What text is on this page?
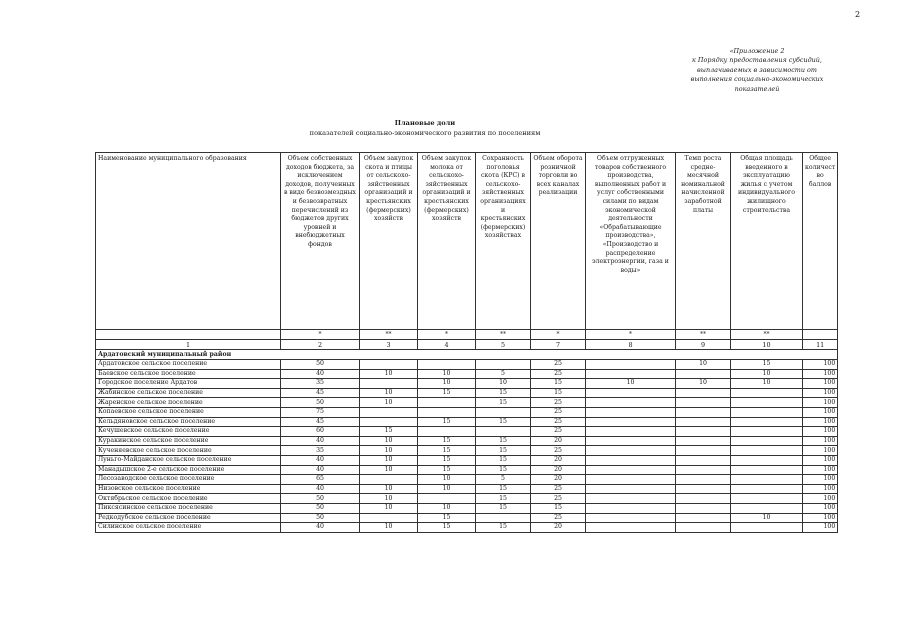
2
«Приложение 2
к Порядку предоставления субсидий,
выплачиваемых в зависимости от
выполнения социально-экономических
показателей
Плановые доли
показателей социально-экономического развития по поселениям
Наименование муниципального образования	Объем собственных доходов бюджета, за исключением доходов, полученных в виде безвозмездных и безвозвратных перечислений из бюджетов других уровней и внебюджетных фондов	Объем закупок скота и птицы от сельскохо-зяйственных организаций и крестьянских (фермерских) хозяйств	Объем закупок молока от сельскохо-зяйственных организаций и крестьянских (фермерских) хозяйств	Сохранность поголовья скота (КРС) в сельскохо-зяйственных организациях и крестьянских (фермерских) хозяйствах	Объем оборота розничной торговли во всех каналах реализации	Объем отгруженных товаров собственного производства, выполненных работ и услуг собственными силами по видам экономической деятельности «Обрабатывающие производства», «Производство и распределение электроэнергии, газа и воды»	Темп роста средне-месячной номинальной начисленной заработной платы	Общая площадь введенного в эксплуатацию жилья с учетом индивидуального жилищного строительства	Общее количест во баллов
	*	**	*	**	*	*	**	**	
1	2	3	4	5	7	8	9	10	11
Ардатовский муниципальный район									
Ардатовское сельское поселение	50				25		10	15	100
Баевское сельское поселение	40	10	10	5	25			10	100
Городское поселение Ардатов	35		10	10	15	10	10	10	100
Жабинское сельское поселение	45	10	15	15	15				100
Жаренское сельское поселение	50	10		15	25				100
Копаевское сельское поселение	75				25				100
Кельдяновское сельское поселение	45		15	15	25				100
Кечушевское сельское поселение	60	15			25				100
Куракинское сельское поселение	40	10	15	15	20				100
Кученяевское сельское поселение	35	10	15	15	25				100
Луньго-Майданское сельское поселение	40	10	15	15	20				100
Манадышское 2-е сельское поселение	40	10	15	15	20				100
Лесозаводское сельское поселение	65		10	5	20				100
Низовское сельское поселение	40	10	10	15	25				100
Октябрьское сельское поселение	50	10		15	25				100
Пиксясинское сельское поселение	50	10	10	15	15				100
Редкодубское сельское поселение	50		15		25			10	100
Силинское сельское поселение	40	10	15	15	20				100
